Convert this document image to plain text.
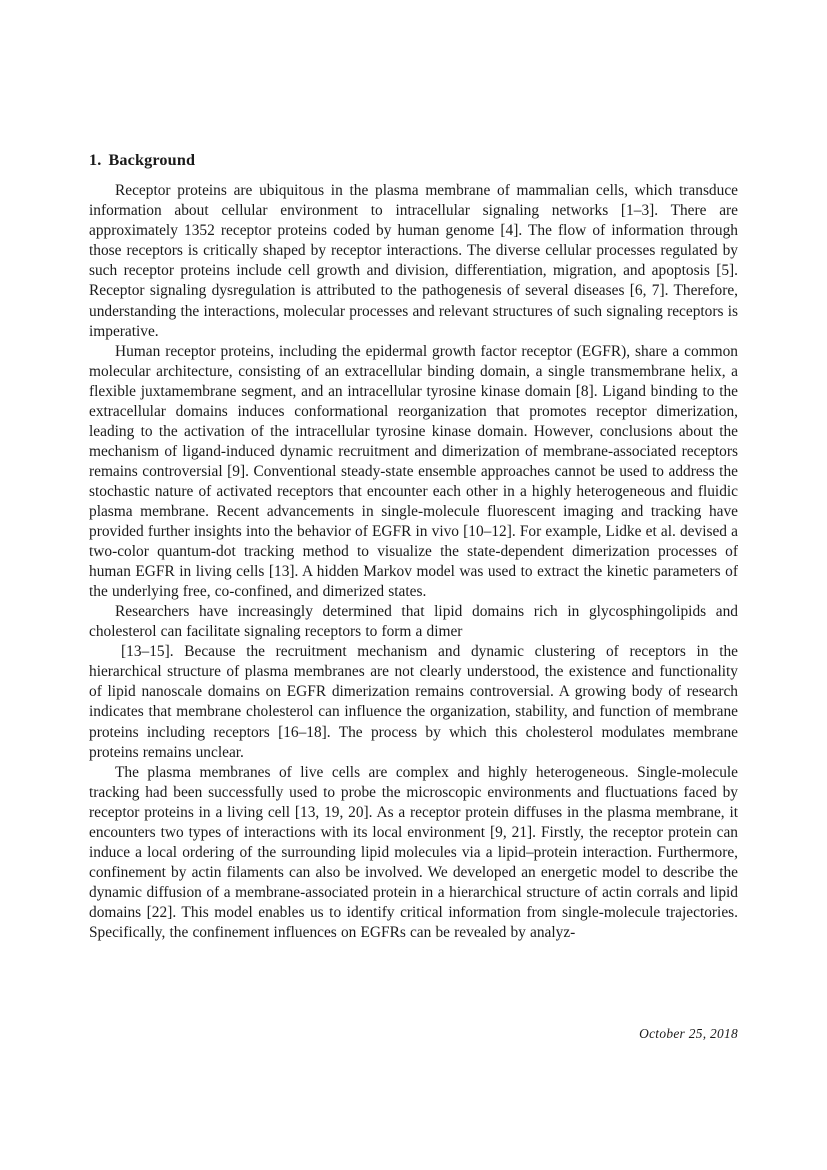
1. Background

Receptor proteins are ubiquitous in the plasma membrane of mammalian cells, which transduce information about cellular environment to intracellular signaling networks [1–3]. There are approximately 1352 receptor proteins coded by human genome [4]. The flow of information through those receptors is critically shaped by receptor interactions. The diverse cellular processes regulated by such receptor proteins include cell growth and division, differentiation, migration, and apoptosis [5]. Receptor signaling dysregulation is attributed to the pathogenesis of several diseases [6, 7]. Therefore, understanding the interactions, molecular processes and relevant structures of such signaling receptors is imperative.

Human receptor proteins, including the epidermal growth factor receptor (EGFR), share a common molecular architecture, consisting of an extracellular binding domain, a single transmembrane helix, a flexible juxtamembrane segment, and an intracellular tyrosine kinase domain [8]. Ligand binding to the extracellular domains induces conformational reorganization that promotes receptor dimerization, leading to the activation of the intracellular tyrosine kinase domain. However, conclusions about the mechanism of ligand-induced dynamic recruitment and dimerization of membrane-associated receptors remains controversial [9]. Conventional steady-state ensemble approaches cannot be used to address the stochastic nature of activated receptors that encounter each other in a highly heterogeneous and fluidic plasma membrane. Recent advancements in single-molecule fluorescent imaging and tracking have provided further insights into the behavior of EGFR in vivo [10–12]. For example, Lidke et al. devised a two-color quantum-dot tracking method to visualize the state-dependent dimerization processes of human EGFR in living cells [13]. A hidden Markov model was used to extract the kinetic parameters of the underlying free, co-confined, and dimerized states.

Researchers have increasingly determined that lipid domains rich in glycosphingolipids and cholesterol can facilitate signaling receptors to form a dimer

[13–15]. Because the recruitment mechanism and dynamic clustering of receptors in the hierarchical structure of plasma membranes are not clearly understood, the existence and functionality of lipid nanoscale domains on EGFR dimerization remains controversial. A growing body of research indicates that membrane cholesterol can influence the organization, stability, and function of membrane proteins including receptors [16–18]. The process by which this cholesterol modulates membrane proteins remains unclear.

The plasma membranes of live cells are complex and highly heterogeneous. Single-molecule tracking had been successfully used to probe the microscopic environments and fluctuations faced by receptor proteins in a living cell [13, 19, 20]. As a receptor protein diffuses in the plasma membrane, it encounters two types of interactions with its local environment [9, 21]. Firstly, the receptor protein can induce a local ordering of the surrounding lipid molecules via a lipid–protein interaction. Furthermore, confinement by actin filaments can also be involved. We developed an energetic model to describe the dynamic diffusion of a membrane-associated protein in a hierarchical structure of actin corrals and lipid domains [22]. This model enables us to identify critical information from single-molecule trajectories. Specifically, the confinement influences on EGFRs can be revealed by analyz-

October 25, 2018
